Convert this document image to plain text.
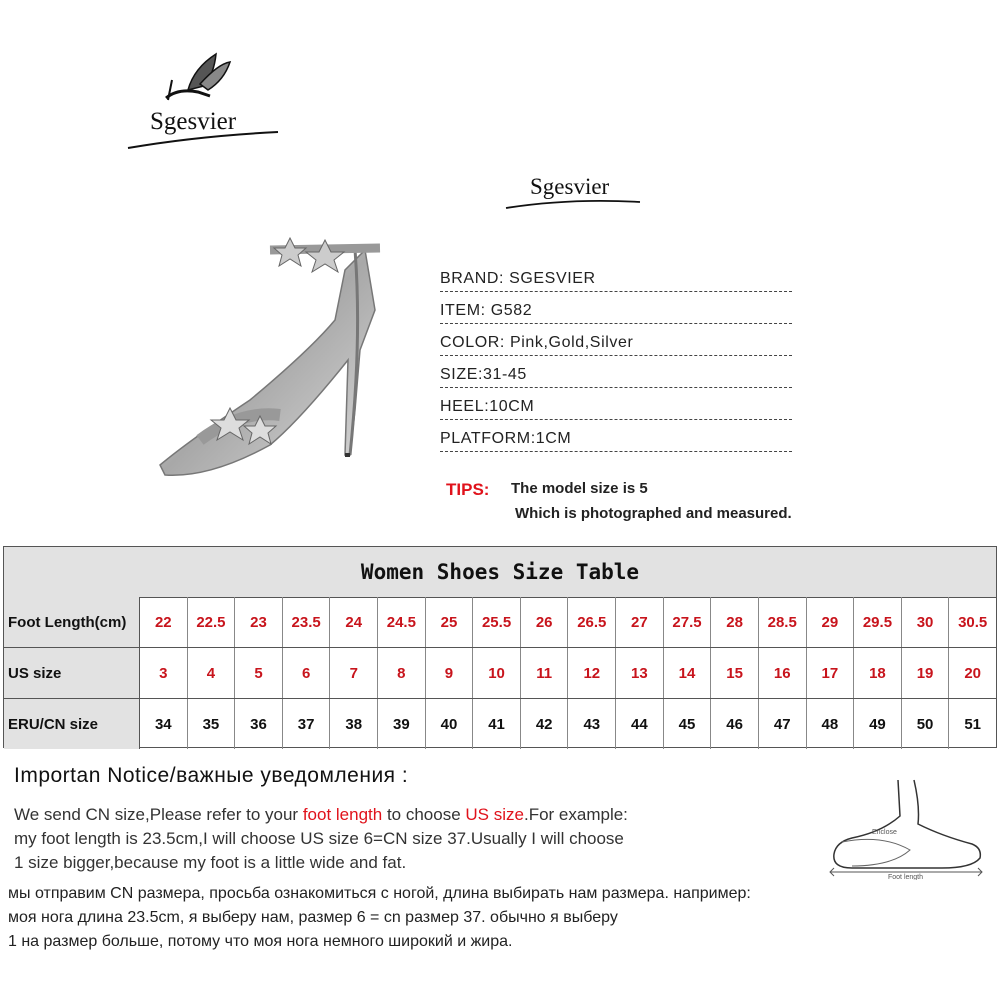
Sgesvier
Sgesvier
BRAND: SGESVIER
ITEM: G582
COLOR: Pink,Gold,Silver
SIZE:31-45
HEEL:10CM
PLATFORM:1CM
TIPS: The model size is 5
Which is photographed and measured.
Women Shoes Size Table
Foot Length(cm)	22	22.5	23	23.5	24	24.5	25	25.5	26	26.5	27	27.5	28	28.5	29	29.5	30	30.5
US size	3	4	5	6	7	8	9	10	11	12	13	14	15	16	17	18	19	20
ERU/CN size	34	35	36	37	38	39	40	41	42	43	44	45	46	47	48	49	50	51
Importan Notice/важные уведомления :
We send CN size,Please refer to your foot length to choose US size.For example:
my foot length is 23.5cm,I will choose US size 6=CN size 37.Usually I will choose
1 size bigger,because my foot is a little wide and fat.
мы отправим CN размера, просьба ознакомиться с ногой, длина выбирать нам размера. например:
моя нога длина 23.5cm, я выберу нам, размер 6 = cn размер 37. обычно я выберу
1 на размер больше, потому что моя нога немного широкий и жира.
Enclose
Foot length
